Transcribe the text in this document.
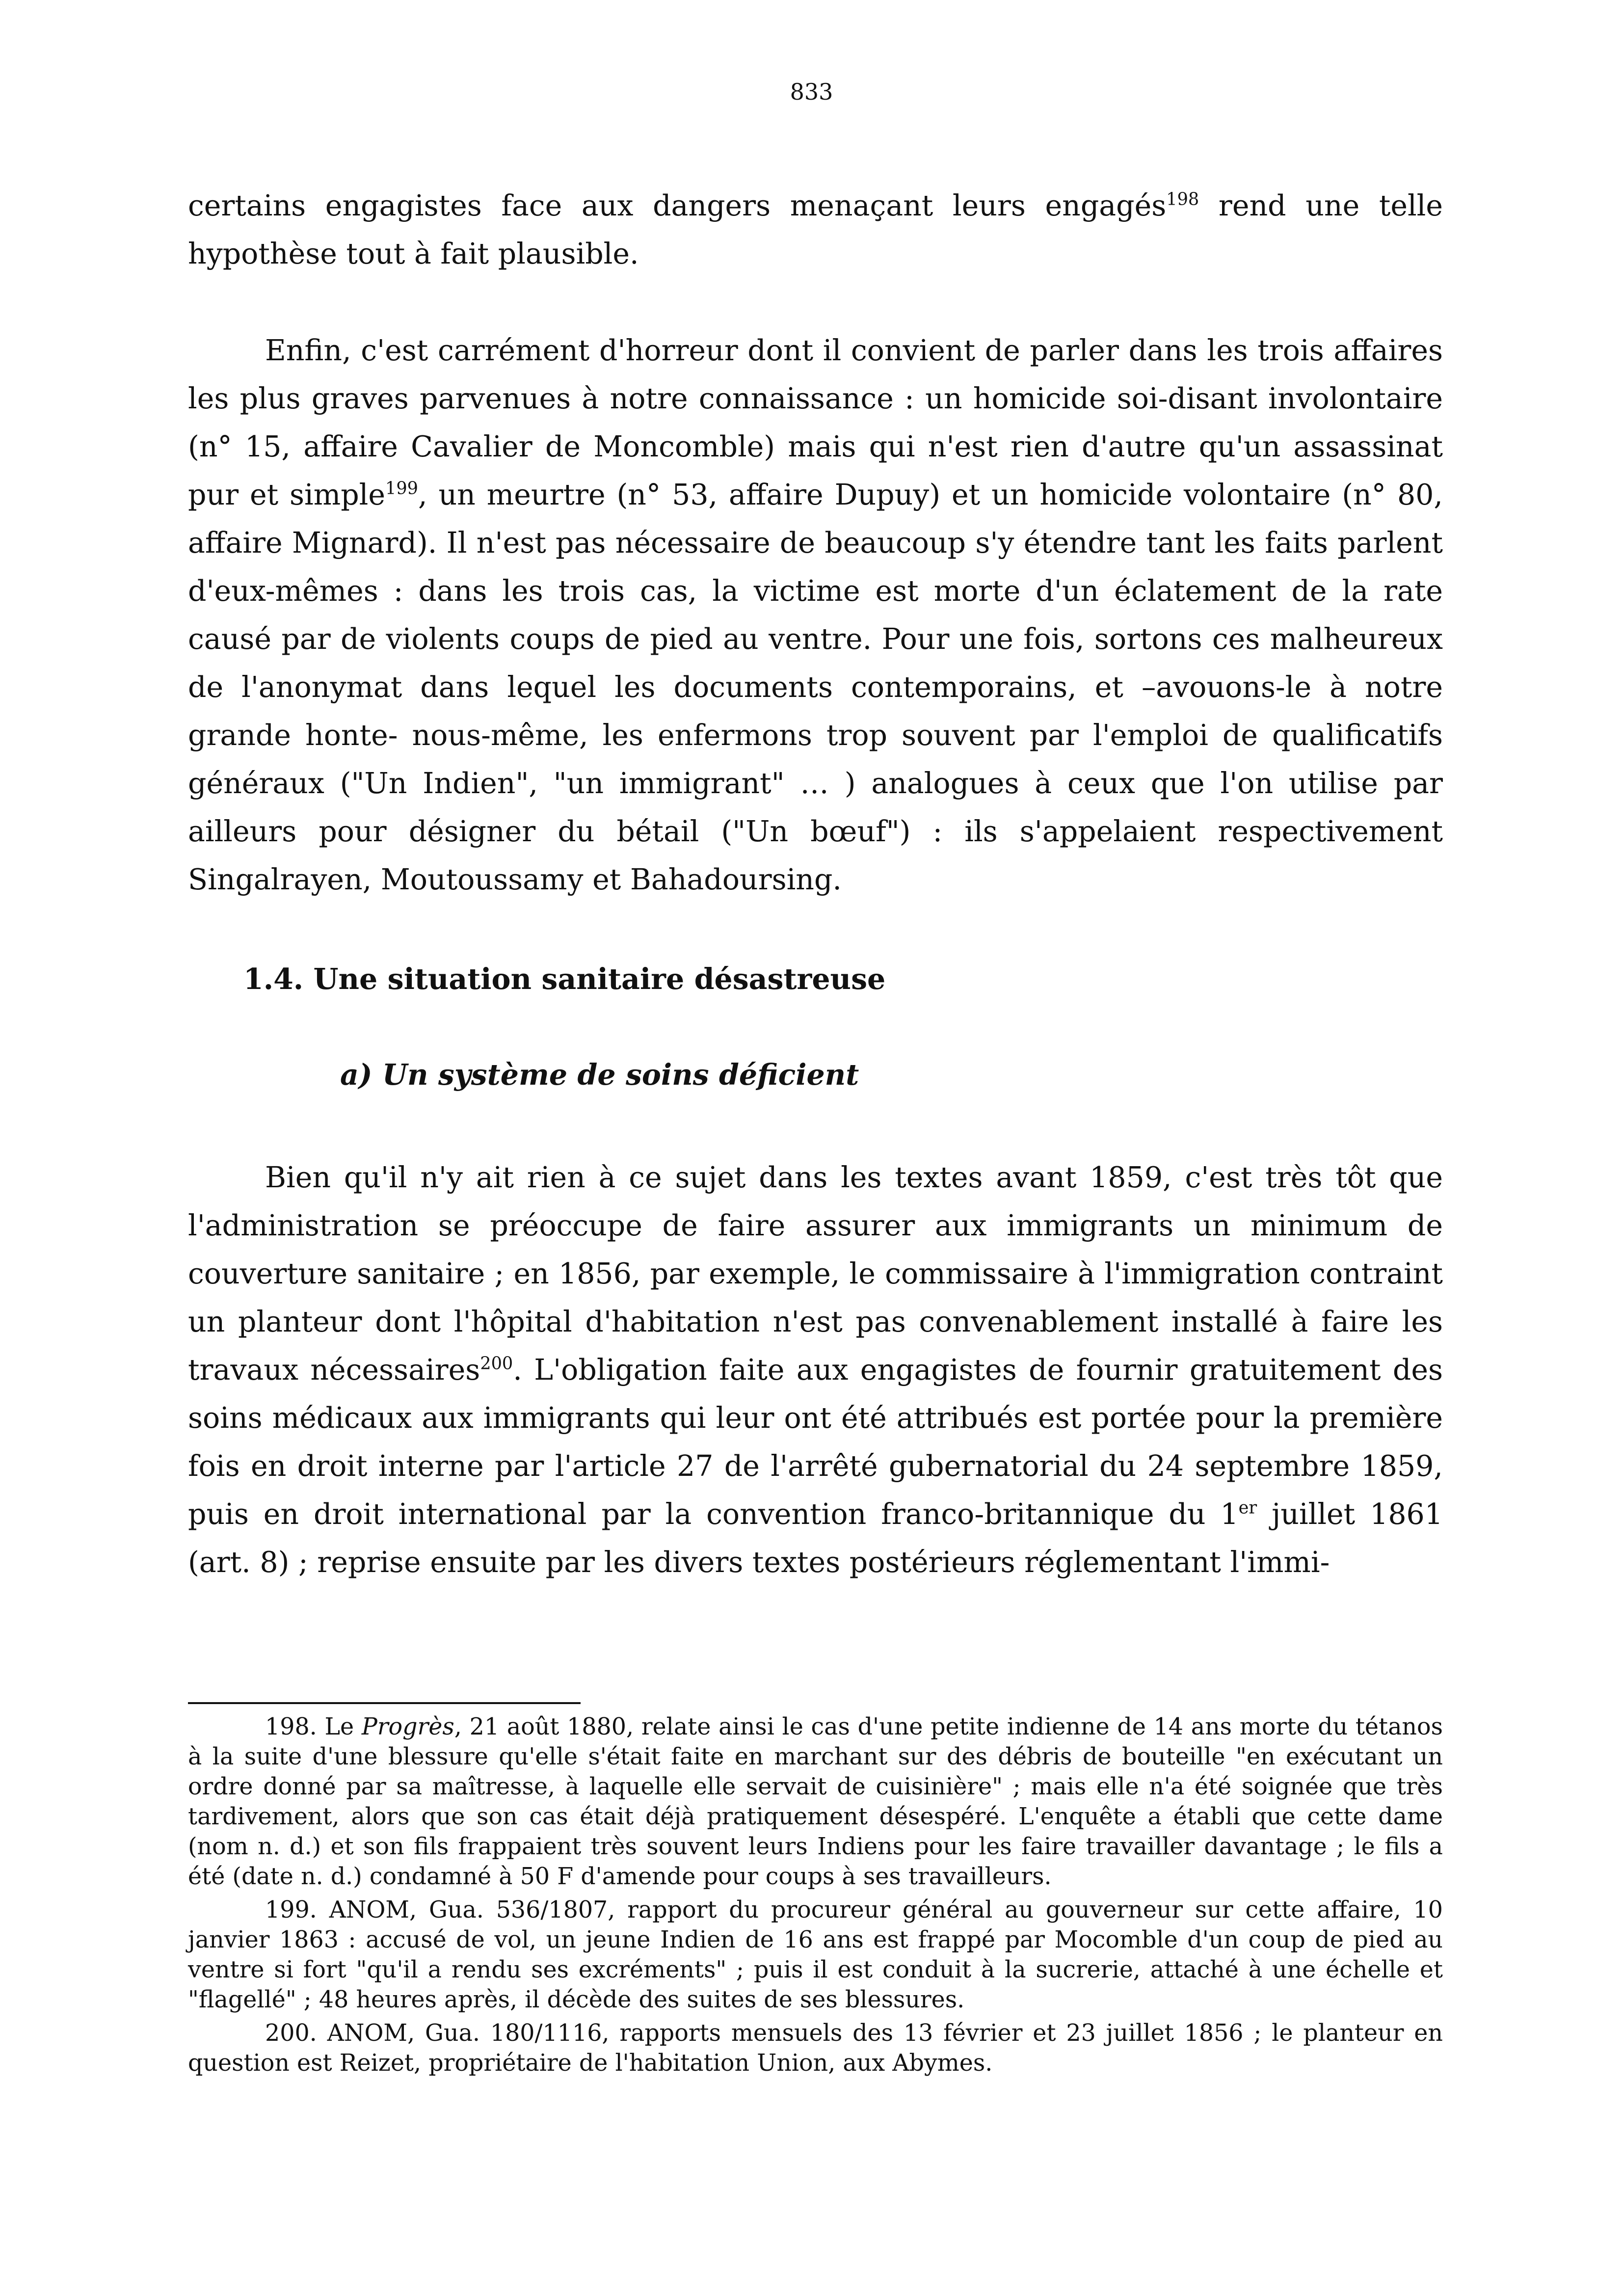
833

certains engagistes face aux dangers menaçant leurs engagés$^{198}$ rend une telle hypothèse tout à fait plausible.

Enfin, c'est carrément d'horreur dont il convient de parler dans les trois affaires les plus graves parvenues à notre connaissance : un homicide soi-disant involontaire (n° 15, affaire Cavalier de Moncomble) mais qui n'est rien d'autre qu'un assassinat pur et simple$^{199}$, un meurtre (n° 53, affaire Dupuy) et un homicide volontaire (n° 80, affaire Mignard). Il n'est pas nécessaire de beaucoup s'y étendre tant les faits parlent d'eux-mêmes : dans les trois cas, la victime est morte d'un éclatement de la rate causé par de violents coups de pied au ventre. Pour une fois, sortons ces malheureux de l'anonymat dans lequel les documents contemporains, et –avouons-le à notre grande honte- nous-même, les enfermons trop souvent par l'emploi de qualificatifs généraux ("Un Indien", "un immigrant" … ) analogues à ceux que l'on utilise par ailleurs pour désigner du bétail ("Un bœuf") : ils s'appelaient respectivement Singalrayen, Moutoussamy et Bahadoursing.

1.4. Une situation sanitaire désastreuse
a) Un système de soins déficient

Bien qu'il n'y ait rien à ce sujet dans les textes avant 1859, c'est très tôt que l'administration se préoccupe de faire assurer aux immigrants un minimum de couverture sanitaire ; en 1856, par exemple, le commissaire à l'immigration contraint un planteur dont l'hôpital d'habitation n'est pas convenablement installé à faire les travaux nécessaires$^{200}$. L'obligation faite aux engagistes de fournir gratuitement des soins médicaux aux immigrants qui leur ont été attribués est portée pour la première fois en droit interne par l'article 27 de l'arrêté gubernatorial du 24 septembre 1859, puis en droit international par la convention franco-britannique du 1er juillet 1861 (art. 8) ; reprise ensuite par les divers textes postérieurs réglementant l'immi-

198. Le Progrès, 21 août 1880, relate ainsi le cas d'une petite indienne de 14 ans morte du tétanos à la suite d'une blessure qu'elle s'était faite en marchant sur des débris de bouteille "en exécutant un ordre donné par sa maîtresse, à laquelle elle servait de cuisinière" ; mais elle n'a été soignée que très tardivement, alors que son cas était déjà pratiquement désespéré. L'enquête a établi que cette dame (nom n. d.) et son fils frappaient très souvent leurs Indiens pour les faire travailler davantage ; le fils a été (date n. d.) condamné à 50 F d'amende pour coups à ses travailleurs.

199. ANOM, Gua. 536/1807, rapport du procureur général au gouverneur sur cette affaire, 10 janvier 1863 : accusé de vol, un jeune Indien de 16 ans est frappé par Mocomble d'un coup de pied au ventre si fort "qu'il a rendu ses excréments" ; puis il est conduit à la sucrerie, attaché à une échelle et "flagellé" ; 48 heures après, il décède des suites de ses blessures.

200. ANOM, Gua. 180/1116, rapports mensuels des 13 février et 23 juillet 1856 ; le planteur en question est Reizet, propriétaire de l'habitation Union, aux Abymes.
